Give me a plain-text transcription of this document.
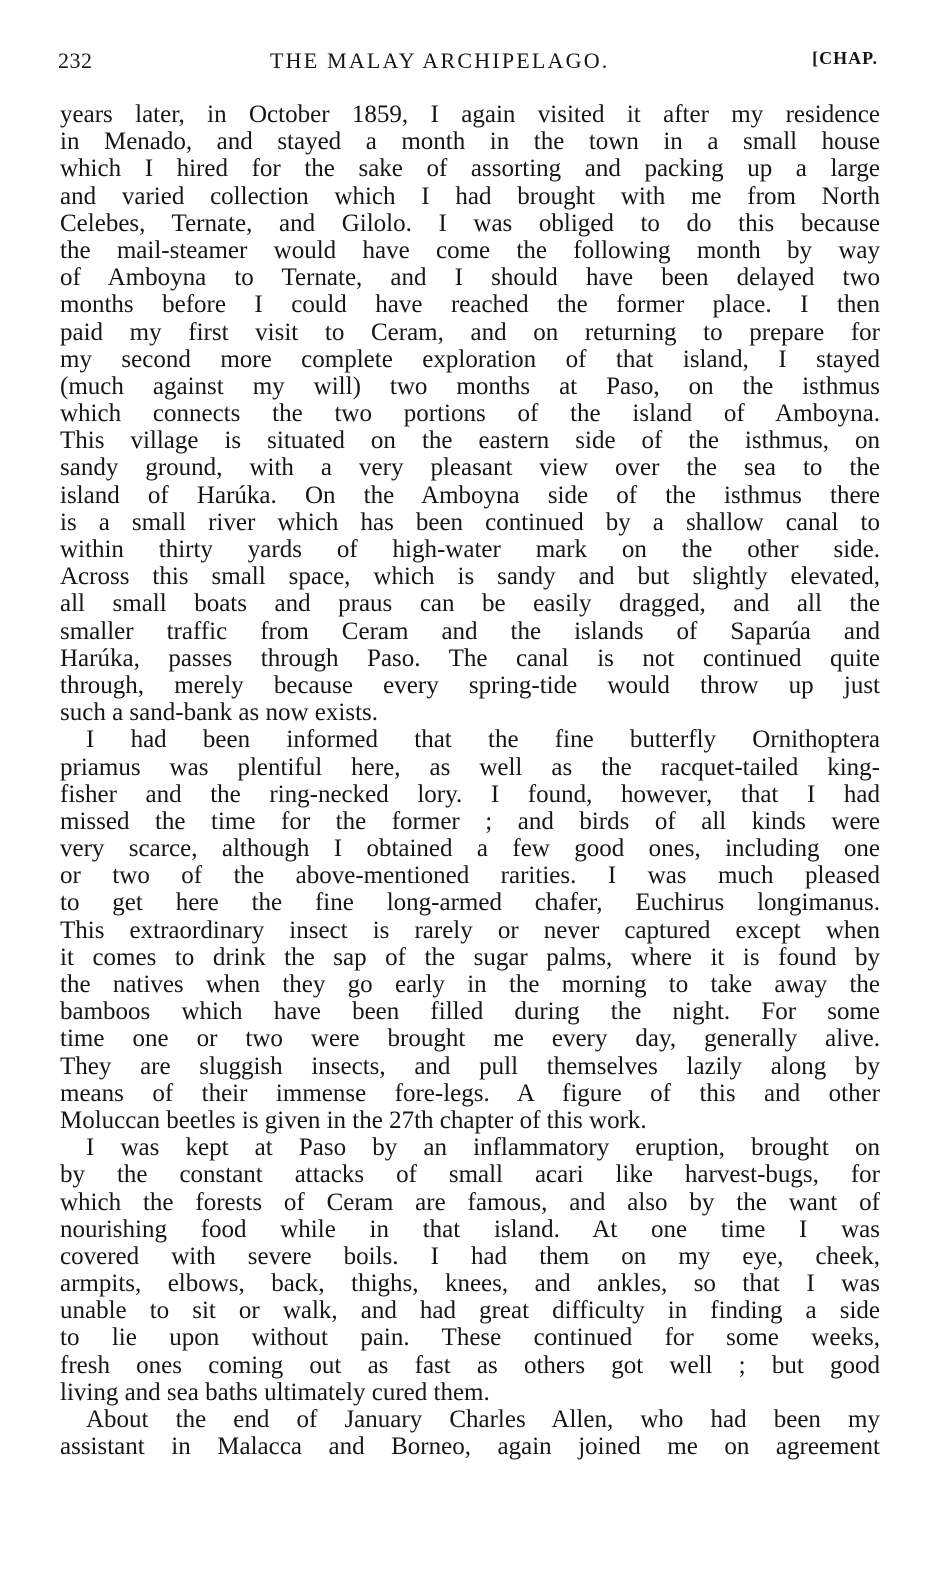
232	THE MALAY ARCHIPELAGO.	[CHAP.
years later, in October 1859, I again visited it after my residence
in Menado, and stayed a month in the town in a small house
which I hired for the sake of assorting and packing up a large
and varied collection which I had brought with me from North
Celebes, Ternate, and Gilolo. I was obliged to do this because
the mail-steamer would have come the following month by way
of Amboyna to Ternate, and I should have been delayed two
months before I could have reached the former place. I then
paid my first visit to Ceram, and on returning to prepare for
my second more complete exploration of that island, I stayed
(much against my will) two months at Paso, on the isthmus
which connects the two portions of the island of Amboyna.
This village is situated on the eastern side of the isthmus, on
sandy ground, with a very pleasant view over the sea to the
island of Harúka. On the Amboyna side of the isthmus there
is a small river which has been continued by a shallow canal to
within thirty yards of high-water mark on the other side.
Across this small space, which is sandy and but slightly elevated,
all small boats and praus can be easily dragged, and all the
smaller traffic from Ceram and the islands of Saparúa and
Harúka, passes through Paso. The canal is not continued quite
through, merely because every spring-tide would throw up just
such a sand-bank as now exists.
I had been informed that the fine butterfly Ornithoptera
priamus was plentiful here, as well as the racquet-tailed king-
fisher and the ring-necked lory. I found, however, that I had
missed the time for the former ; and birds of all kinds were
very scarce, although I obtained a few good ones, including one
or two of the above-mentioned rarities. I was much pleased
to get here the fine long-armed chafer, Euchirus longimanus.
This extraordinary insect is rarely or never captured except when
it comes to drink the sap of the sugar palms, where it is found by
the natives when they go early in the morning to take away the
bamboos which have been filled during the night. For some
time one or two were brought me every day, generally alive.
They are sluggish insects, and pull themselves lazily along by
means of their immense fore-legs. A figure of this and other
Moluccan beetles is given in the 27th chapter of this work.
I was kept at Paso by an inflammatory eruption, brought on
by the constant attacks of small acari like harvest-bugs, for
which the forests of Ceram are famous, and also by the want of
nourishing food while in that island. At one time I was
covered with severe boils. I had them on my eye, cheek,
armpits, elbows, back, thighs, knees, and ankles, so that I was
unable to sit or walk, and had great difficulty in finding a side
to lie upon without pain. These continued for some weeks,
fresh ones coming out as fast as others got well ; but good
living and sea baths ultimately cured them.
About the end of January Charles Allen, who had been my
assistant in Malacca and Borneo, again joined me on agreement
